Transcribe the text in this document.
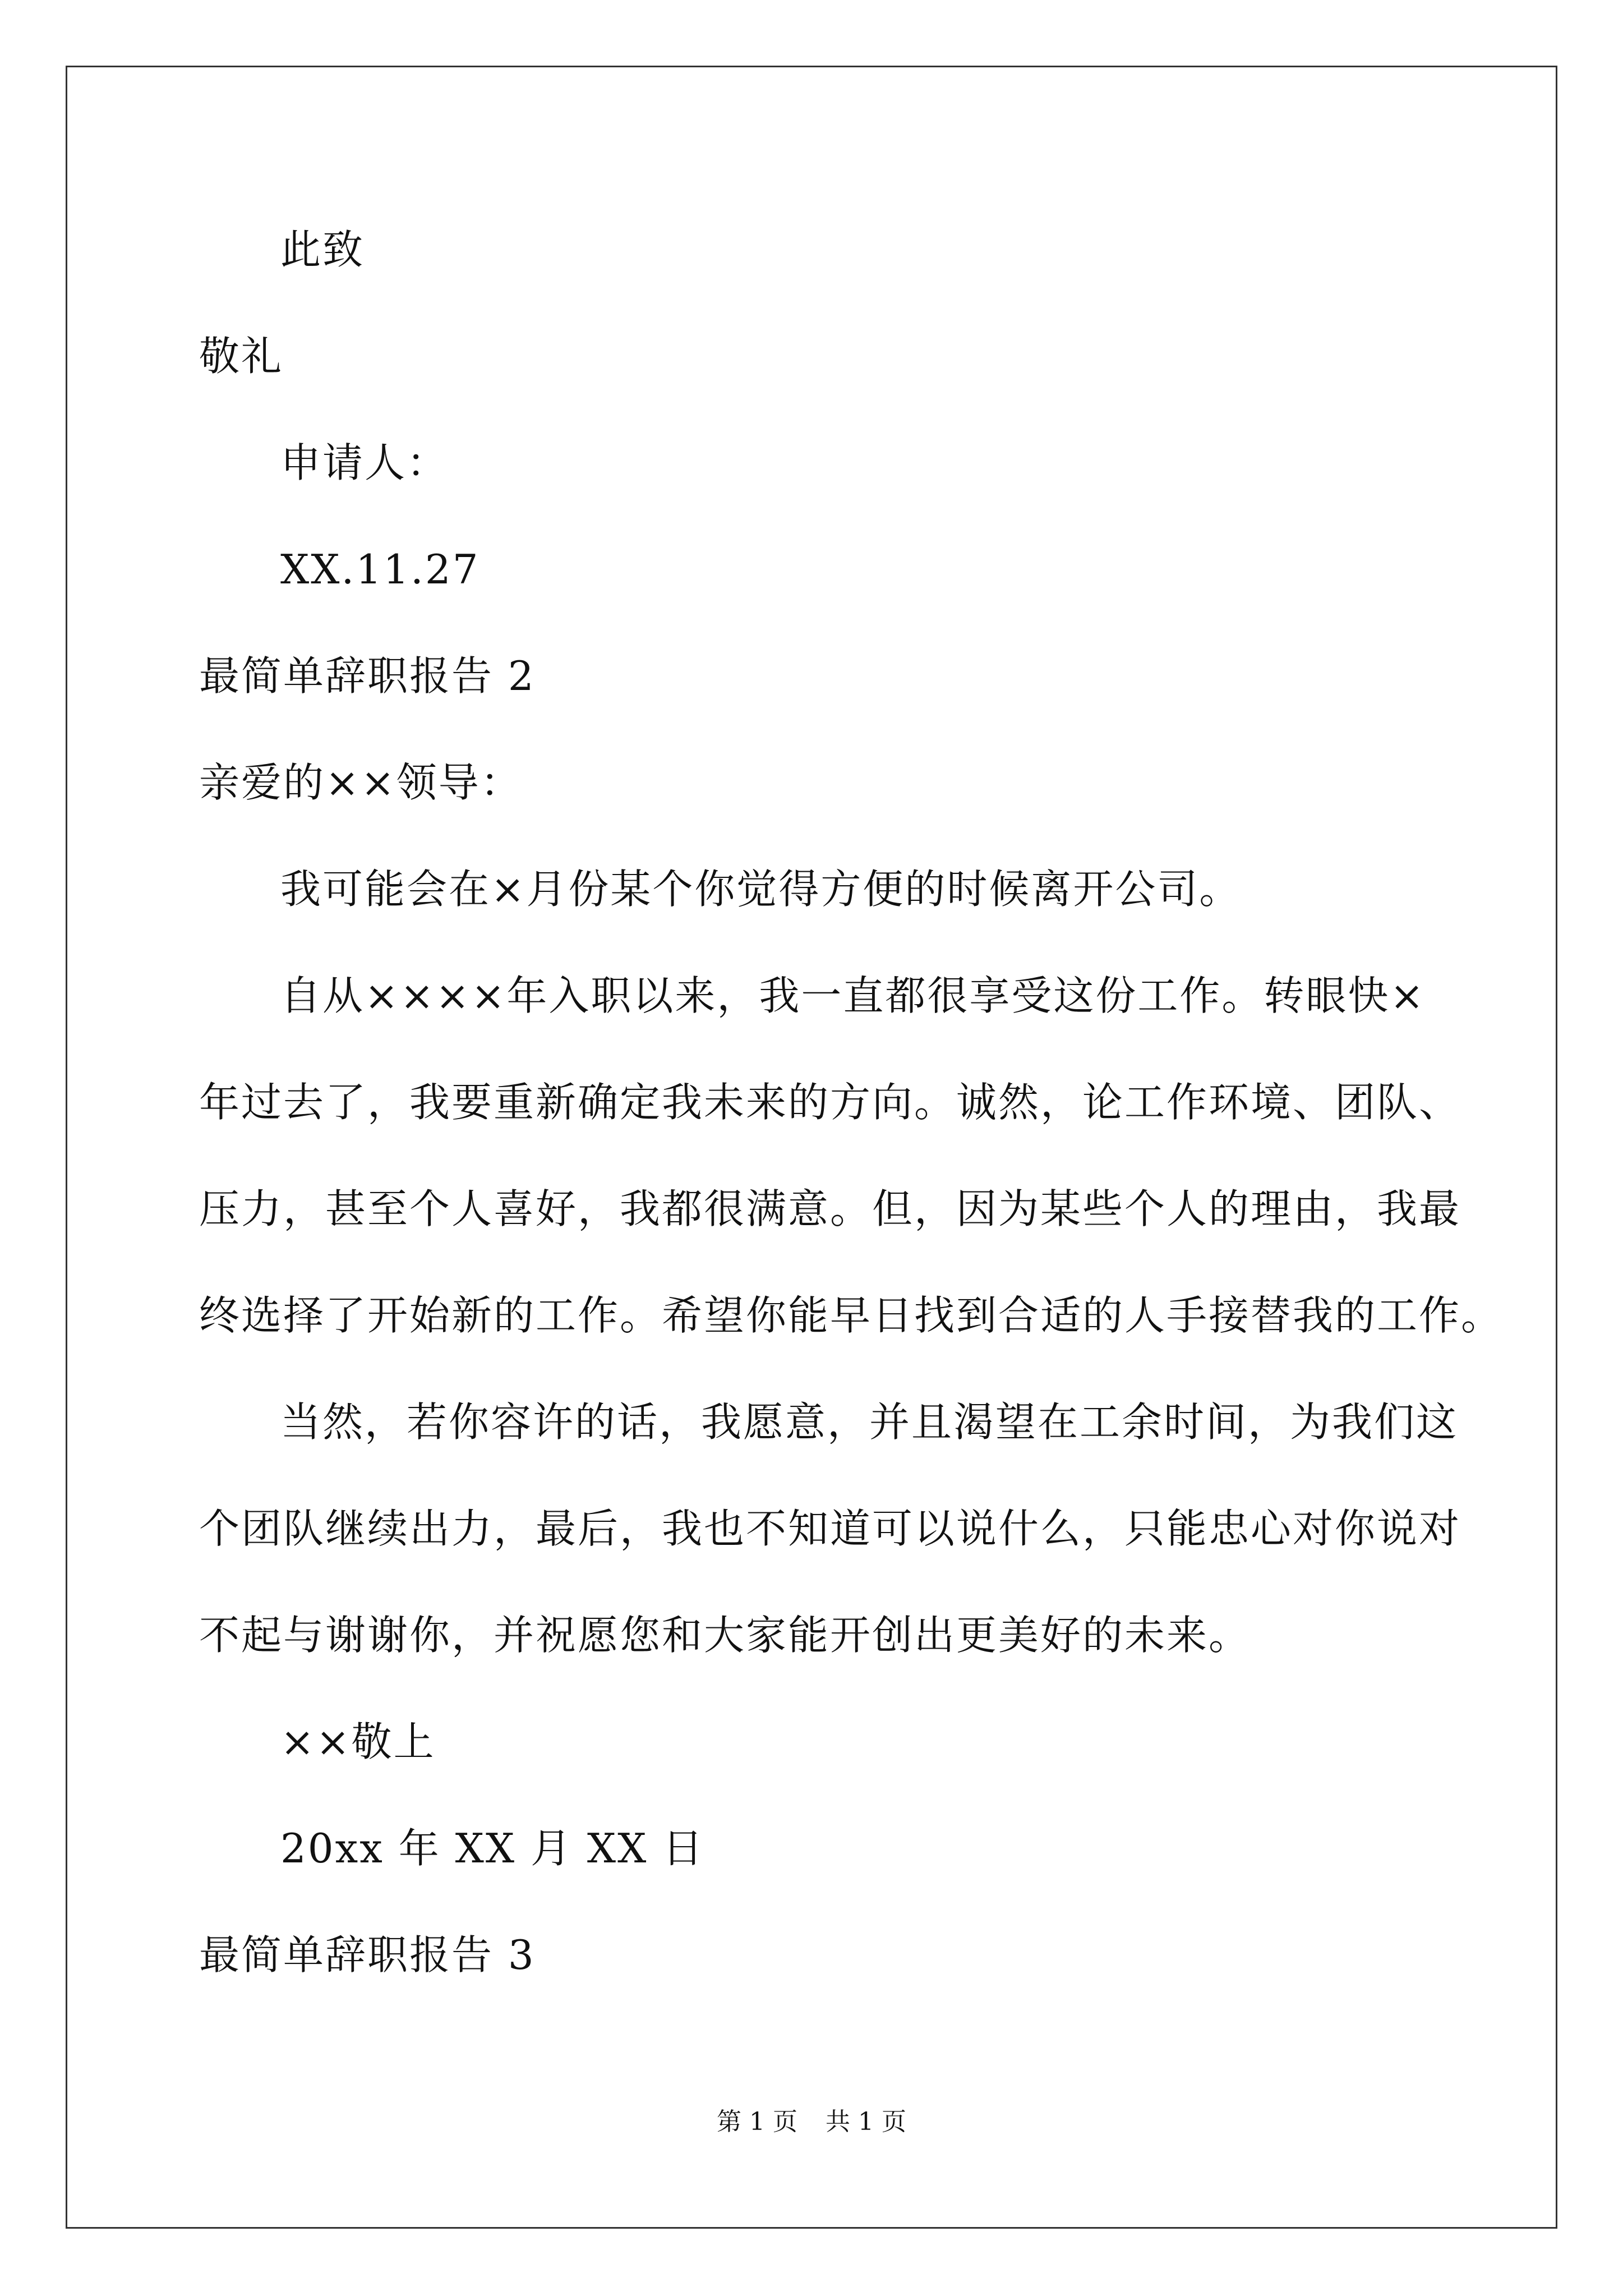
此致
敬礼
申请人：
XX.11.27
最简单辞职报告 2
亲爱的××领导：
我可能会在×月份某个你觉得方便的时候离开公司。
自从××××年入职以来，我一直都很享受这份工作。转眼快×
年过去了，我要重新确定我未来的方向。诚然，论工作环境、团队、
压力，甚至个人喜好，我都很满意。但，因为某些个人的理由，我最
终选择了开始新的工作。希望你能早日找到合适的人手接替我的工作。
当然，若你容许的话，我愿意，并且渴望在工余时间，为我们这
个团队继续出力，最后，我也不知道可以说什么，只能忠心对你说对
不起与谢谢你，并祝愿您和大家能开创出更美好的未来。
××敬上
20xx 年 XX 月 XX 日
最简单辞职报告 3
第 1 页 共 1 页
